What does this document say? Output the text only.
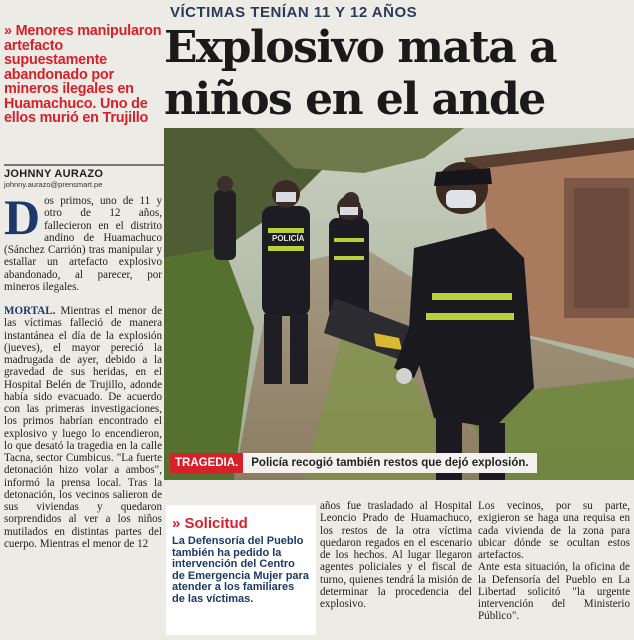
VÍCTIMAS TENÍAN 11 Y 12 AÑOS
Explosivo mata a
niños en el ande
» Menores manipularon artefacto supuestamente abandonado por mineros ilegales en Huamachuco. Uno de ellos murió en Trujillo
JOHNNY AURAZO
johnny.aurazo@prensmart.pe

Dos primos, uno de 11 y otro de 12 años, fallecieron en el distrito andino de Huamachuco (Sánchez Carrión) tras manipular y estallar un artefacto explosivo abandonado, al parecer, por mineros ilegales.

MORTAL. Mientras el menor de las víctimas falleció de manera instantánea el día de la explosión (jueves), el mayor pereció la madrugada de ayer, debido a la gravedad de sus heridas, en el Hospital Belén de Trujillo, adonde había sido evacuado. De acuerdo con las primeras investigaciones, los primos habrían encontrado el explosivo y luego lo encendieron, lo que desató la tragedia en la calle Tacna, sector Cumbicus. "La fuerte detonación hizo volar a ambos", informó la prensa local. Tras la detonación, los vecinos salieron de sus viviendas y quedaron sorprendidos al ver a los niños mutilados en distintas partes del cuerpo. Mientras el menor de 12

POLICÍA
TRAGEDIA.	Policía recogió también restos que dejó explosión.
» Solicitud
La Defensoría del Pueblo también ha pedido la intervención del Centro de Emergencia Mujer para atender a los familiares de las víctimas.
años fue trasladado al Hospital Leoncio Prado de Huamachuco, los restos de la otra víctima quedaron regados en el escenario de los hechos. Al lugar llegaron agentes policiales y el fiscal de turno, quienes tendrá la misión de determinar la procedencia del explosivo.
Los vecinos, por su parte, exigieron se haga una requisa en cada vivienda de la zona para ubicar dónde se ocultan estos artefactos.
Ante esta situación, la oficina de la Defensoría del Pueblo en La Libertad solicitó "la urgente intervención del Ministerio Público".
